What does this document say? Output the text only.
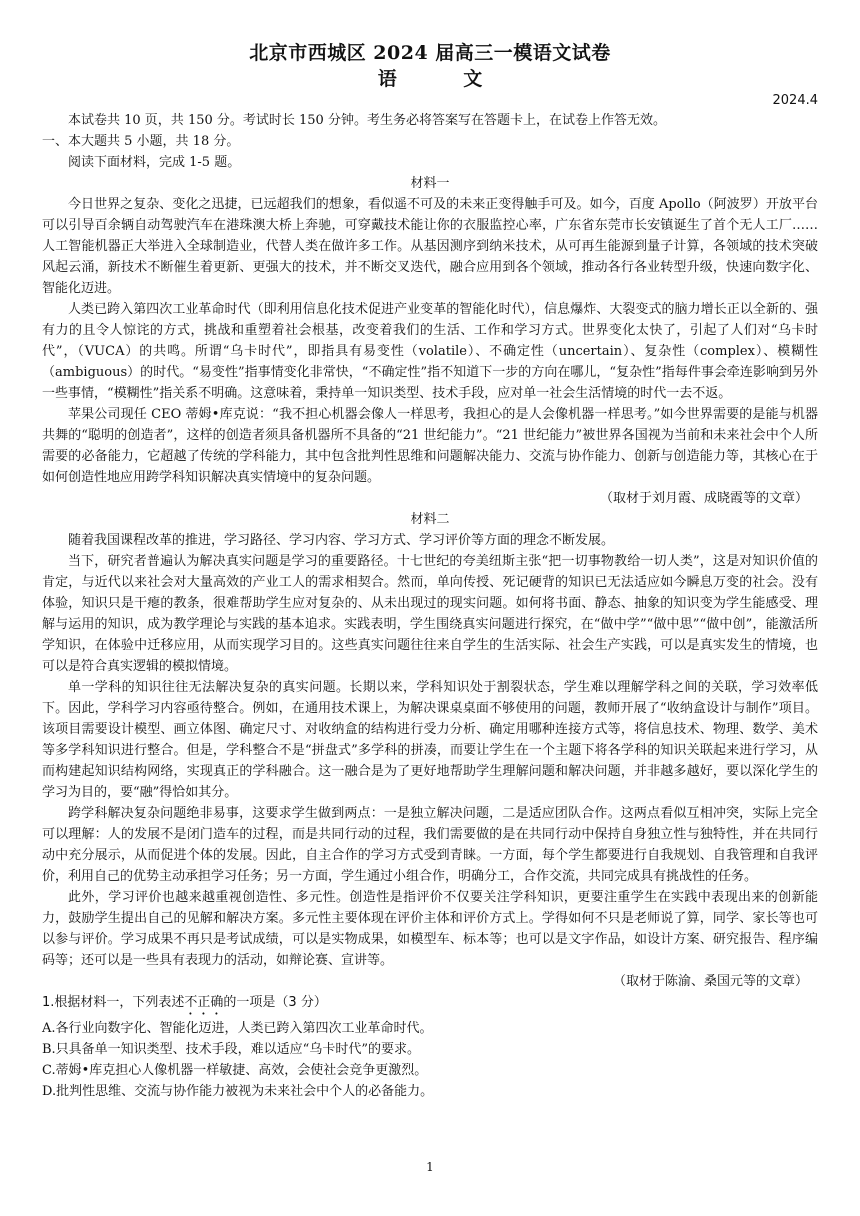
北京市西城区 2024 届高三一模语文试卷
语 文
2024.4

本试卷共 10 页，共 150 分。考试时长 150 分钟。考生务必将答案写在答题卡上，在试卷上作答无效。

一、本大题共 5 小题，共 18 分。

阅读下面材料，完成 1-5 题。

材料一

今日世界之复杂、变化之迅捷，已远超我们的想象，看似遥不可及的未来正变得触手可及。如今，百度 Apollo（阿波罗）开放平台可以引导百余辆自动驾驶汽车在港珠澳大桥上奔驰，可穿戴技术能让你的衣服监控心率，广东省东莞市长安镇诞生了首个无人工厂……人工智能机器正大举进入全球制造业，代替人类在做许多工作。从基因测序到纳米技术，从可再生能源到量子计算，各领域的技术突破风起云涌，新技术不断催生着更新、更强大的技术，并不断交叉迭代，融合应用到各个领域，推动各行各业转型升级，快速向数字化、智能化迈进。

人类已跨入第四次工业革命时代（即利用信息化技术促进产业变革的智能化时代），信息爆炸、大裂变式的脑力增长正以全新的、强有力的且令人惊诧的方式，挑战和重塑着社会根基，改变着我们的生活、工作和学习方式。世界变化太快了，引起了人们对“乌卡时代”，（VUCA）的共鸣。所谓“乌卡时代”，即指具有易变性（volatile）、不确定性（uncertain）、复杂性（complex）、模糊性（ambiguous）的时代。“易变性”指事情变化非常快，“不确定性”指不知道下一步的方向在哪儿，“复杂性”指每件事会牵连影响到另外一些事情，“模糊性”指关系不明确。这意味着，秉持单一知识类型、技术手段，应对单一社会生活情境的时代一去不返。

苹果公司现任 CEO 蒂姆•库克说：“我不担心机器会像人一样思考，我担心的是人会像机器一样思考。”如今世界需要的是能与机器共舞的“聪明的创造者”，这样的创造者须具备机器所不具备的“21 世纪能力”。“21 世纪能力”被世界各国视为当前和未来社会中个人所需要的必备能力，它超越了传统的学科能力，其中包含批判性思维和问题解决能力、交流与协作能力、创新与创造能力等，其核心在于如何创造性地应用跨学科知识解决真实情境中的复杂问题。

（取材于刘月霞、成晓霞等的文章）
材料二

随着我国课程改革的推进，学习路径、学习内容、学习方式、学习评价等方面的理念不断发展。

当下，研究者普遍认为解决真实问题是学习的重要路径。十七世纪的夸美纽斯主张“把一切事物教给一切人类”，这是对知识价值的肯定，与近代以来社会对大量高效的产业工人的需求相契合。然而，单向传授、死记硬背的知识已无法适应如今瞬息万变的社会。没有体验，知识只是干瘪的教条，很难帮助学生应对复杂的、从未出现过的现实问题。如何将书面、静态、抽象的知识变为学生能感受、理解与运用的知识，成为教学理论与实践的基本追求。实践表明，学生围绕真实问题进行探究，在“做中学”“做中思”“做中创”，能激活所学知识，在体验中迁移应用，从而实现学习目的。这些真实问题往往来自学生的生活实际、社会生产实践，可以是真实发生的情境，也可以是符合真实逻辑的模拟情境。

单一学科的知识往往无法解决复杂的真实问题。长期以来，学科知识处于割裂状态，学生难以理解学科之间的关联，学习效率低下。因此，学科学习内容亟待整合。例如，在通用技术课上，为解决课桌桌面不够使用的问题，教师开展了“收纳盒设计与制作”项目。该项目需要设计模型、画立体图、确定尺寸、对收纳盒的结构进行受力分析、确定用哪种连接方式等，将信息技术、物理、数学、美术等多学科知识进行整合。但是，学科整合不是“拼盘式”多学科的拼凑，而要让学生在一个主题下将各学科的知识关联起来进行学习，从而构建起知识结构网络，实现真正的学科融合。这一融合是为了更好地帮助学生理解问题和解决问题，并非越多越好，要以深化学生的学习为目的，要“融”得恰如其分。

跨学科解决复杂问题绝非易事，这要求学生做到两点：一是独立解决问题，二是适应团队合作。这两点看似互相冲突，实际上完全可以理解：人的发展不是闭门造车的过程，而是共同行动的过程，我们需要做的是在共同行动中保持自身独立性与独特性，并在共同行动中充分展示，从而促进个体的发展。因此，自主合作的学习方式受到青睐。一方面，每个学生都要进行自我规划、自我管理和自我评价，利用自己的优势主动承担学习任务；另一方面，学生通过小组合作，明确分工，合作交流，共同完成具有挑战性的任务。

此外，学习评价也越来越重视创造性、多元性。创造性是指评价不仅要关注学科知识，更要注重学生在实践中表现出来的创新能力，鼓励学生提出自己的见解和解决方案。多元性主要体现在评价主体和评价方式上。学得如何不只是老师说了算，同学、家长等也可以参与评价。学习成果不再只是考试成绩，可以是实物成果，如模型车、标本等；也可以是文字作品，如设计方案、研究报告、程序编码等；还可以是一些具有表现力的活动，如辩论赛、宣讲等。

（取材于陈渝、桑国元等的文章）
1.根据材料一，下列表述不正确的一项是（3 分）
A.各行业向数字化、智能化迈进，人类已跨入第四次工业革命时代。
B.只具备单一知识类型、技术手段，难以适应“乌卡时代”的要求。
C.蒂姆•库克担心人像机器一样敏捷、高效，会使社会竞争更激烈。
D.批判性思维、交流与协作能力被视为未来社会中个人的必备能力。
1
